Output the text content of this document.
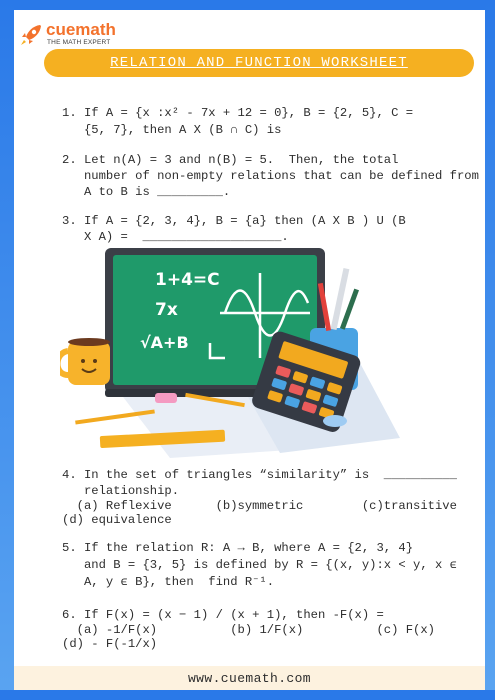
cuemath
THE MATH EXPERT
RELATION AND FUNCTION WORKSHEET
1. If A = {x :x² - 7x + 12 = 0}, B = {2, 5}, C =
{5, 7}, then A X (B ∩ C) is
2. Let n(A) = 3 and n(B) = 5.  Then, the total
number of non-empty relations that can be defined from
A to B is _________.
3. If A = {2, 3, 4}, B = {a} then (A X B ) U (B
X A) =  ___________________.
1+4=C
7x
√A+B
4. In the set of triangles “similarity” is  __________
relationship.
(a) Reflexive      (b)symmetric        (c)transitive
(d) equivalence
5. If the relation R: A → B, where A = {2, 3, 4}
and B = {3, 5} is defined by R = {(x, y):x < y, x ϵ
A, y ϵ B}, then  find R⁻¹.
6. If F(x) = (x − 1) / (x + 1), then -F(x) =
(a) -1/F(x)          (b) 1/F(x)          (c) F(x)
(d) - F(-1/x)
www.cuemath.com
